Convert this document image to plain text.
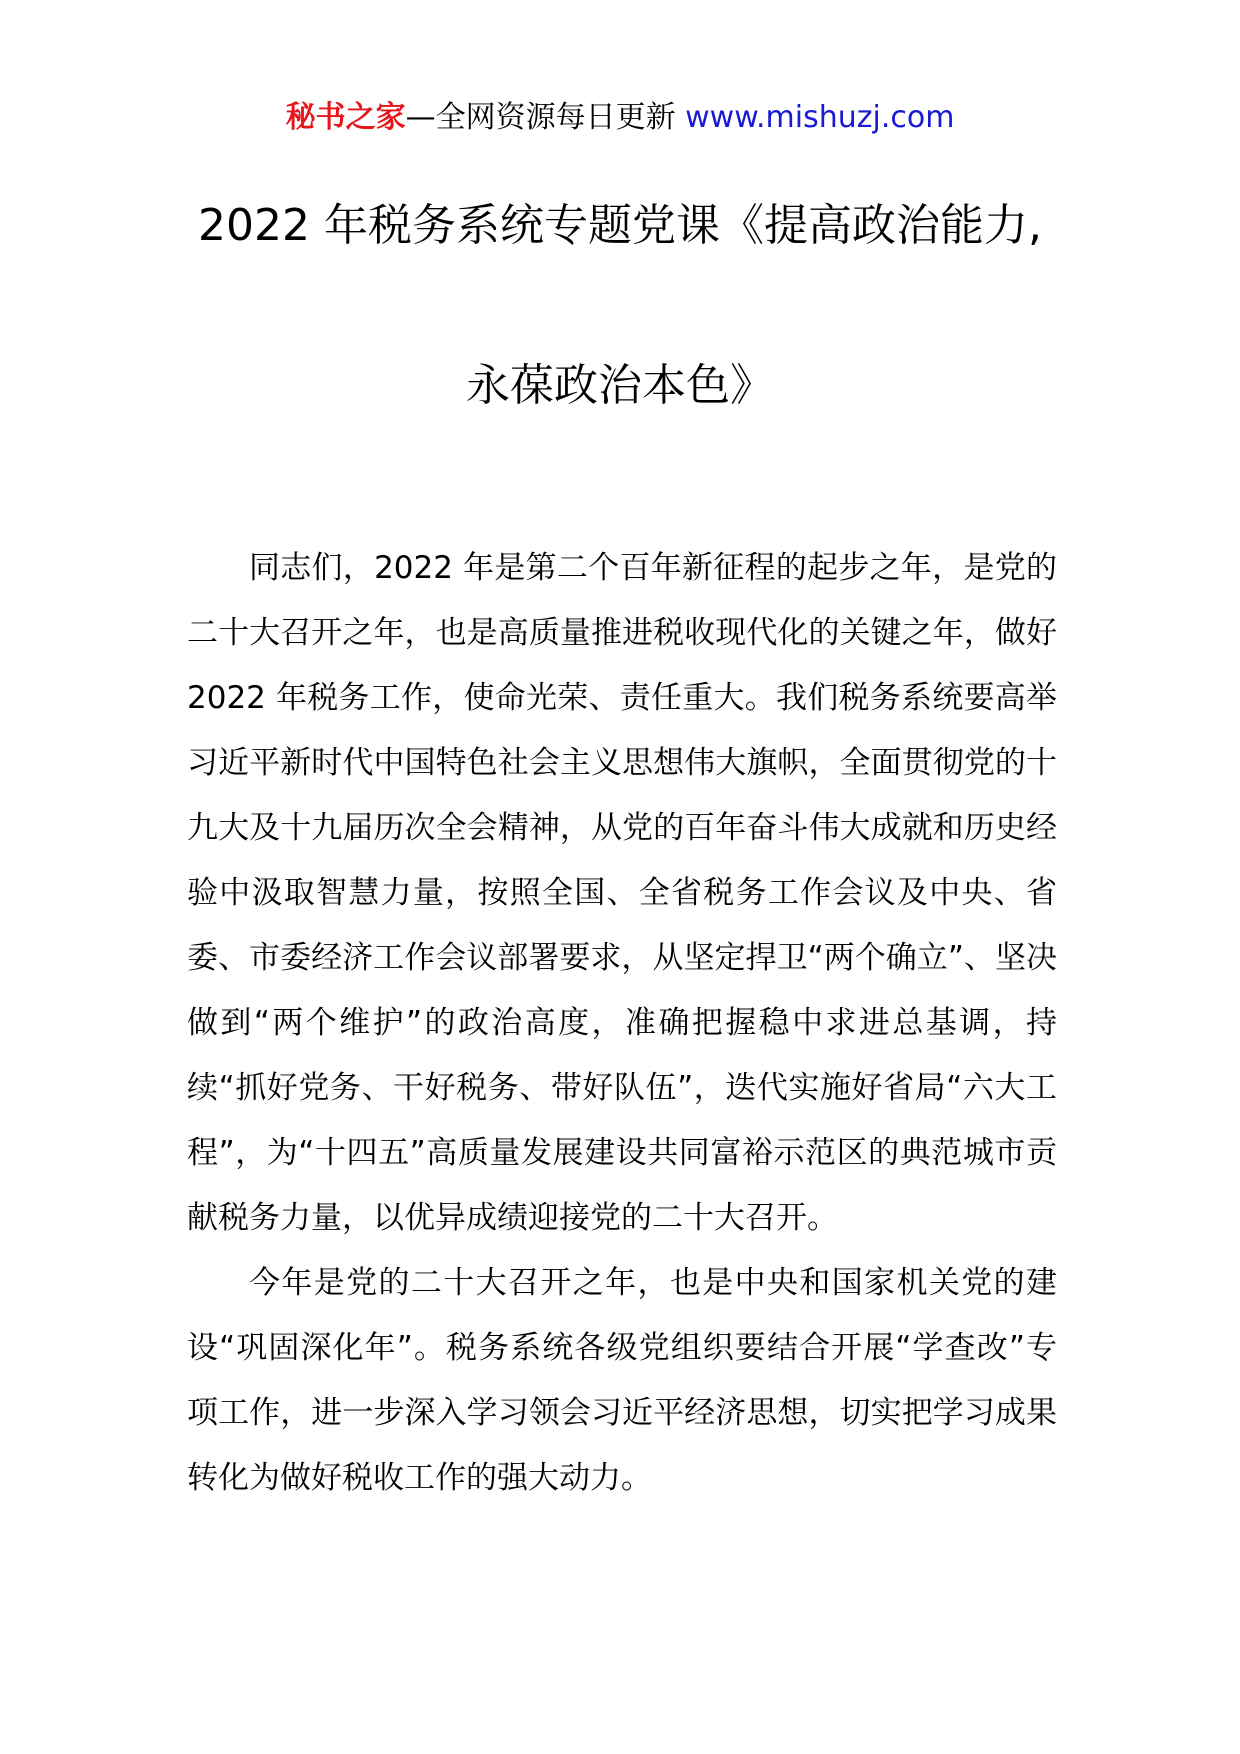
秘书之家—全网资源每日更新 www.mishuzj.com
2022 年税务系统专题党课《提高政治能力,
永葆政治本色》

同志们，2022 年是第二个百年新征程的起步之年，是党的二十大召开之年，也是高质量推进税收现代化的关键之年，做好 2022 年税务工作，使命光荣、责任重大。我们税务系统要高举习近平新时代中国特色社会主义思想伟大旗帜，全面贯彻党的十九大及十九届历次全会精神，从党的百年奋斗伟大成就和历史经验中汲取智慧力量，按照全国、全省税务工作会议及中央、省委、市委经济工作会议部署要求，从坚定捍卫“两个确立”、坚决做到“两个维护”的政治高度，准确把握稳中求进总基调，持续“抓好党务、干好税务、带好队伍”，迭代实施好省局“六大工程”，为“十四五”高质量发展建设共同富裕示范区的典范城市贡献税务力量，以优异成绩迎接党的二十大召开。

今年是党的二十大召开之年，也是中央和国家机关党的建设“巩固深化年”。税务系统各级党组织要结合开展“学查改”专项工作，进一步深入学习领会习近平经济思想，切实把学习成果转化为做好税收工作的强大动力。
